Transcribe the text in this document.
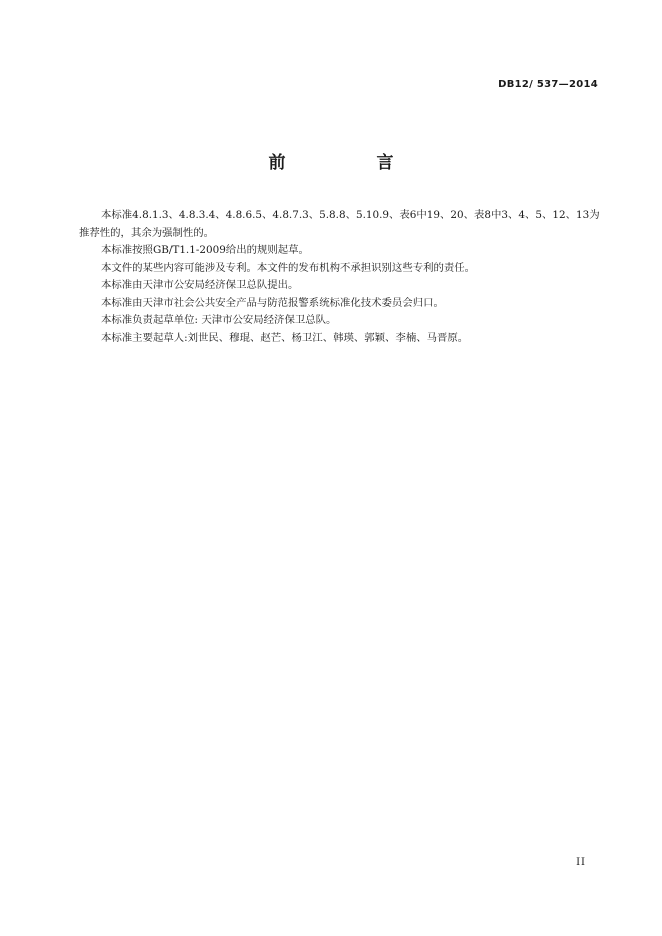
DB12/ 537—2014
前　言

本标准4.8.1.3、4.8.3.4、4.8.6.5、4.8.7.3、5.8.8、5.10.9、表6中19、20、表8中3、4、5、12、13为推荐性的，其余为强制性的。

本标准按照GB/T1.1-2009给出的规则起草。

本文件的某些内容可能涉及专利。本文件的发布机构不承担识别这些专利的责任。

本标准由天津市公安局经济保卫总队提出。

本标准由天津市社会公共安全产品与防范报警系统标准化技术委员会归口。

本标准负责起草单位: 天津市公安局经济保卫总队。

本标准主要起草人:刘世民、穆琨、赵芒、杨卫江、韩瑛、郭颖、李楠、马晋原。

II
